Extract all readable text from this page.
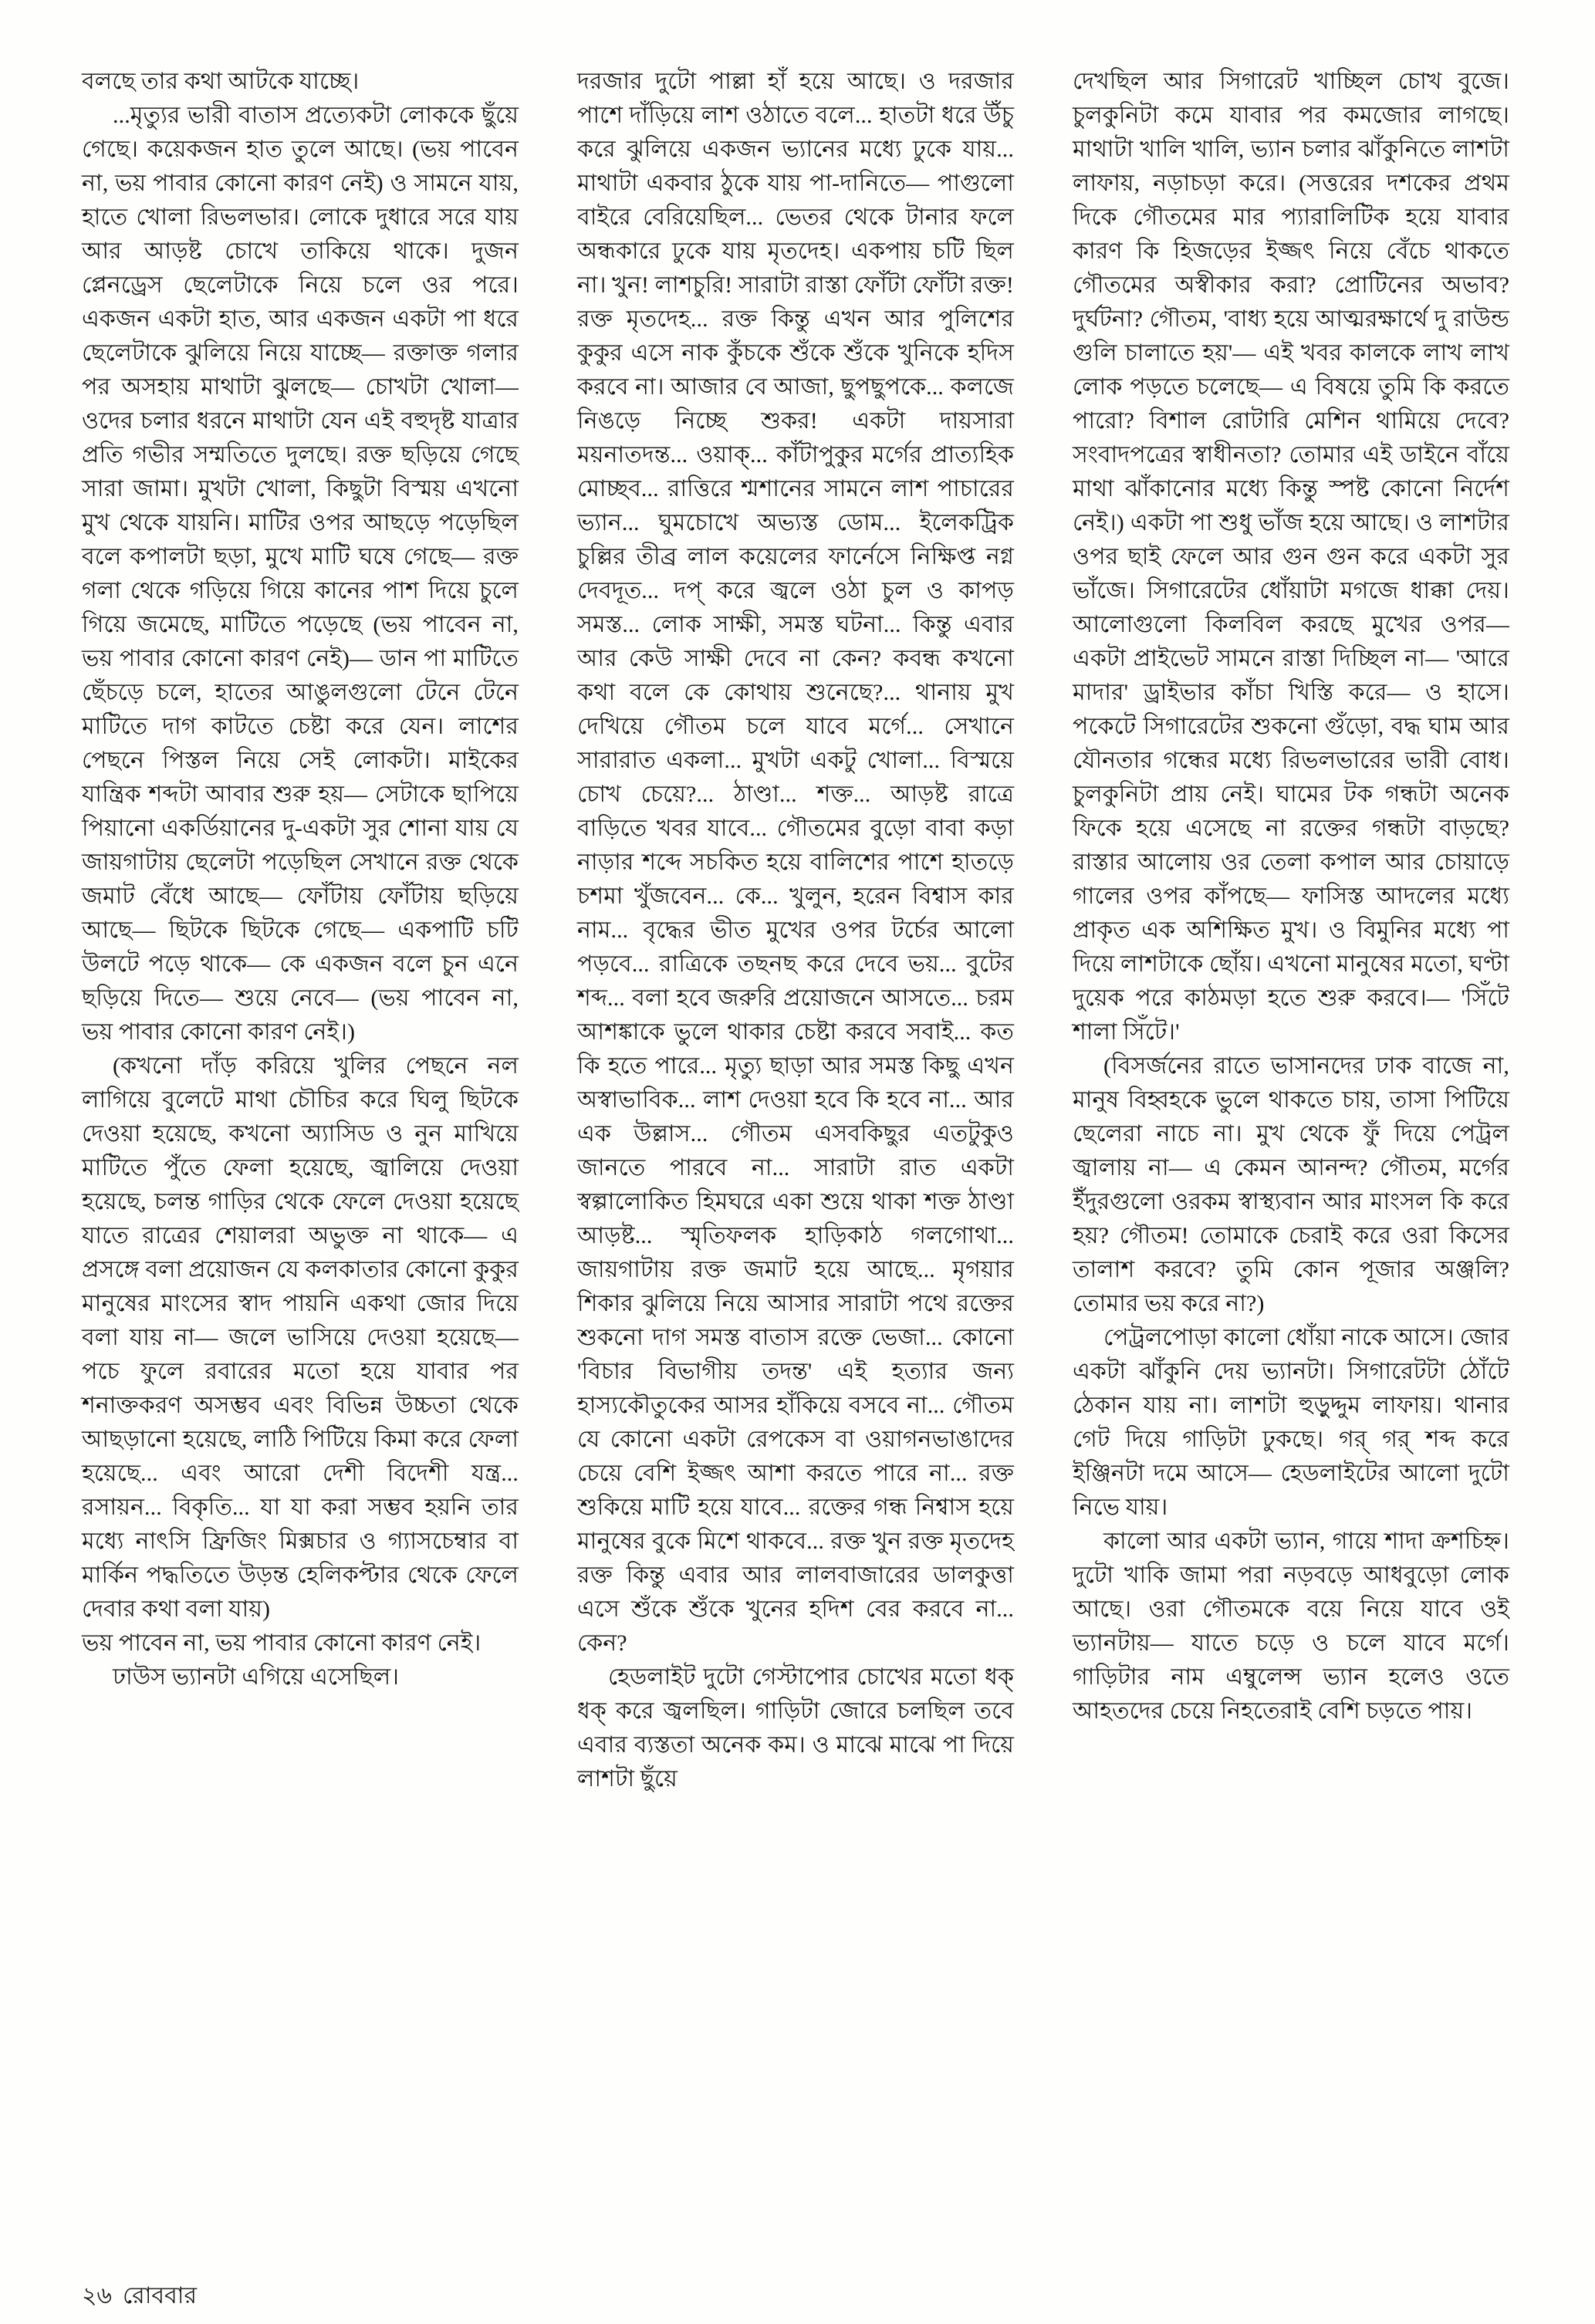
বলছে তার কথা আটকে যাচ্ছে।

...মৃত্যুর ভারী বাতাস প্রত্যেকটা লোককে ছুঁয়ে গেছে। কয়েকজন হাত তুলে আছে। (ভয় পাবেন না, ভয় পাবার কোনো কারণ নেই) ও সামনে যায়, হাতে খোলা রিভলভার। লোকে দুধারে সরে যায় আর আড়ষ্ট চোখে তাকিয়ে থাকে। দুজন প্লেনড্রেস ছেলেটাকে নিয়ে চলে ওর পরে। একজন একটা হাত, আর একজন একটা পা ধরে ছেলেটাকে ঝুলিয়ে নিয়ে যাচ্ছে— রক্তাক্ত গলার পর অসহায় মাথাটা ঝুলছে— চোখটা খোলা— ওদের চলার ধরনে মাথাটা যেন এই বহুদৃষ্ট যাত্রার প্রতি গভীর সম্মতিতে দুলছে। রক্ত ছড়িয়ে গেছে সারা জামা। মুখটা খোলা, কিছুটা বিস্ময় এখনো মুখ থেকে যায়নি। মাটির ওপর আছড়ে পড়েছিল বলে কপালটা ছড়া, মুখে মাটি ঘষে গেছে— রক্ত গলা থেকে গড়িয়ে গিয়ে কানের পাশ দিয়ে চুলে গিয়ে জমেছে, মাটিতে পড়েছে (ভয় পাবেন না, ভয় পাবার কোনো কারণ নেই)— ডান পা মাটিতে ছেঁচড়ে চলে, হাতের আঙুলগুলো টেনে টেনে মাটিতে দাগ কাটতে চেষ্টা করে যেন। লাশের পেছনে পিস্তল নিয়ে সেই লোকটা। মাইকের যান্ত্রিক শব্দটা আবার শুরু হয়— সেটাকে ছাপিয়ে পিয়ানো একর্ডিয়ানের দু-একটা সুর শোনা যায় যে জায়গাটায় ছেলেটা পড়েছিল সেখানে রক্ত থেকে জমাট বেঁধে আছে— ফোঁটায় ফোঁটায় ছড়িয়ে আছে— ছিটকে ছিটকে গেছে— একপাটি চটি উলটে পড়ে থাকে— কে একজন বলে চুন এনে ছড়িয়ে দিতে— শুয়ে নেবে— (ভয় পাবেন না, ভয় পাবার কোনো কারণ নেই।)

(কখনো দাঁড় করিয়ে খুলির পেছনে নল লাগিয়ে বুলেটে মাথা চৌচির করে ঘিলু ছিটকে দেওয়া হয়েছে, কখনো অ্যাসিড ও নুন মাখিয়ে মাটিতে পুঁতে ফেলা হয়েছে, জ্বালিয়ে দেওয়া হয়েছে, চলন্ত গাড়ির থেকে ফেলে দেওয়া হয়েছে যাতে রাত্রের শেয়ালরা অভুক্ত না থাকে— এ প্রসঙ্গে বলা প্রয়োজন যে কলকাতার কোনো কুকুর মানুষের মাংসের স্বাদ পায়নি একথা জোর দিয়ে বলা যায় না— জলে ভাসিয়ে দেওয়া হয়েছে— পচে ফুলে রবারের মতো হয়ে যাবার পর শনাক্তকরণ অসম্ভব এবং বিভিন্ন উচ্চতা থেকে আছড়ানো হয়েছে, লাঠি পিটিয়ে কিমা করে ফেলা হয়েছে... এবং আরো দেশী বিদেশী যন্ত্র... রসায়ন... বিকৃতি... যা যা করা সম্ভব হয়নি তার মধ্যে নাৎসি ফ্রিজিং মিক্সচার ও গ্যাসচেম্বার বা মার্কিন পদ্ধতিতে উড়ন্ত হেলিকপ্টার থেকে ফেলে দেবার কথা বলা যায়)

ভয় পাবেন না, ভয় পাবার কোনো কারণ নেই।

ঢাউস ভ্যানটা এগিয়ে এসেছিল।

দরজার দুটো পাল্লা হাঁ হয়ে আছে। ও দরজার পাশে দাঁড়িয়ে লাশ ওঠাতে বলে... হাতটা ধরে উঁচু করে ঝুলিয়ে একজন ভ্যানের মধ্যে ঢুকে যায়... মাথাটা একবার ঠুকে যায় পা-দানিতে— পাগুলো বাইরে বেরিয়েছিল... ভেতর থেকে টানার ফলে অন্ধকারে ঢুকে যায় মৃতদেহ। একপায় চটি ছিল না। খুন! লাশচুরি! সারাটা রাস্তা ফোঁটা ফোঁটা রক্ত! রক্ত মৃতদেহ... রক্ত কিন্তু এখন আর পুলিশের কুকুর এসে নাক কুঁচকে শুঁকে শুঁকে খুনিকে হদিস করবে না। আজার বে আজা, ছুপছুপকে... কলজে নিঙড়ে নিচ্ছে শুকর! একটা দায়সারা ময়নাতদন্ত... ওয়াক্... কাঁটাপুকুর মর্গের প্রাত্যহিক মোচ্ছব... রাত্তিরে শ্মশানের সামনে লাশ পাচারের ভ্যান... ঘুমচোখে অভ্যস্ত ডোম... ইলেকট্রিক চুল্লির তীব্র লাল কয়েলের ফার্নেসে নিক্ষিপ্ত নগ্ন দেবদূত... দপ্ করে জ্বলে ওঠা চুল ও কাপড় সমস্ত... লোক সাক্ষী, সমস্ত ঘটনা... কিন্তু এবার আর কেউ সাক্ষী দেবে না কেন? কবন্ধ কখনো কথা বলে কে কোথায় শুনেছে?... থানায় মুখ দেখিয়ে গৌতম চলে যাবে মর্গে... সেখানে সারারাত একলা... মুখটা একটু খোলা... বিস্ময়ে চোখ চেয়ে?... ঠাণ্ডা... শক্ত... আড়ষ্ট রাত্রে বাড়িতে খবর যাবে... গৌতমের বুড়ো বাবা কড়া নাড়ার শব্দে সচকিত হয়ে বালিশের পাশে হাতড়ে চশমা খুঁজবেন... কে... খুলুন, হরেন বিশ্বাস কার নাম... বৃদ্ধের ভীত মুখের ওপর টর্চের আলো পড়বে... রাত্রিকে তছনছ করে দেবে ভয়... বুটের শব্দ... বলা হবে জরুরি প্রয়োজনে আসতে... চরম আশঙ্কাকে ভুলে থাকার চেষ্টা করবে সবাই... কত কি হতে পারে... মৃত্যু ছাড়া আর সমস্ত কিছু এখন অস্বাভাবিক... লাশ দেওয়া হবে কি হবে না... আর এক উল্লাস... গৌতম এসবকিছুর এতটুকুও জানতে পারবে না... সারাটা রাত একটা স্বল্পালোকিত হিমঘরে একা শুয়ে থাকা শক্ত ঠাণ্ডা আড়ষ্ট... স্মৃতিফলক হাড়িকাঠ গলগোথা... জায়গাটায় রক্ত জমাট হয়ে আছে... মৃগয়ার শিকার ঝুলিয়ে নিয়ে আসার সারাটা পথে রক্তের শুকনো দাগ সমস্ত বাতাস রক্তে ভেজা... কোনো 'বিচার বিভাগীয় তদন্ত' এই হত্যার জন্য হাস্যকৌতুকের আসর হাঁকিয়ে বসবে না... গৌতম যে কোনো একটা রেপকেস বা ওয়াগনভাঙাদের চেয়ে বেশি ইজ্জৎ আশা করতে পারে না... রক্ত শুকিয়ে মাটি হয়ে যাবে... রক্তের গন্ধ নিশ্বাস হয়ে মানুষের বুকে মিশে থাকবে... রক্ত খুন রক্ত মৃতদেহ রক্ত কিন্তু এবার আর লালবাজারের ডালকুত্তা এসে শুঁকে শুঁকে খুনের হদিশ বের করবে না... কেন?

হেডলাইট দুটো গেস্টাপোর চোখের মতো ধক্ ধক্ করে জ্বলছিল। গাড়িটা জোরে চলছিল তবে এবার ব্যস্ততা অনেক কম। ও মাঝে মাঝে পা দিয়ে লাশটা ছুঁয়ে

দেখছিল আর সিগারেট খাচ্ছিল চোখ বুজে। চুলকুনিটা কমে যাবার পর কমজোর লাগছে। মাথাটা খালি খালি, ভ্যান চলার ঝাঁকুনিতে লাশটা লাফায়, নড়াচড়া করে। (সত্তরের দশকের প্রথম দিকে গৌতমের মার প্যারালিটিক হয়ে যাবার কারণ কি হিজড়ের ইজ্জৎ নিয়ে বেঁচে থাকতে গৌতমের অস্বীকার করা? প্রোটিনের অভাব? দুর্ঘটনা? গৌতম, 'বাধ্য হয়ে আত্মরক্ষার্থে দু রাউন্ড গুলি চালাতে হয়'— এই খবর কালকে লাখ লাখ লোক পড়তে চলেছে— এ বিষয়ে তুমি কি করতে পারো? বিশাল রোটারি মেশিন থামিয়ে দেবে? সংবাদপত্রের স্বাধীনতা? তোমার এই ডাইনে বাঁয়ে মাথা ঝাঁকানোর মধ্যে কিন্তু স্পষ্ট কোনো নির্দেশ নেই।) একটা পা শুধু ভাঁজ হয়ে আছে। ও লাশটার ওপর ছাই ফেলে আর গুন গুন করে একটা সুর ভাঁজে। সিগারেটের ধোঁয়াটা মগজে ধাক্কা দেয়। আলোগুলো কিলবিল করছে মুখের ওপর— একটা প্রাইভেট সামনে রাস্তা দিচ্ছিল না— 'আরে মাদার' ড্রাইভার কাঁচা খিস্তি করে— ও হাসে। পকেটে সিগারেটের শুকনো গুঁড়ো, বদ্ধ ঘাম আর যৌনতার গন্ধের মধ্যে রিভলভারের ভারী বোধ। চুলকুনিটা প্রায় নেই। ঘামের টক গন্ধটা অনেক ফিকে হয়ে এসেছে না রক্তের গন্ধটা বাড়ছে? রাস্তার আলোয় ওর তেলা কপাল আর চোয়াড়ে গালের ওপর কাঁপছে— ফাসিস্ত আদলের মধ্যে প্রাকৃত এক অশিক্ষিত মুখ। ও বিমুনির মধ্যে পা দিয়ে লাশটাকে ছোঁয়। এখনো মানুষের মতো, ঘণ্টা দুয়েক পরে কাঠমড়া হতে শুরু করবে।— 'সিঁটে শালা সিঁটে।'

(বিসর্জনের রাতে ভাসানদের ঢাক বাজে না, মানুষ বিহ্বহকে ভুলে থাকতে চায়, তাসা পিটিয়ে ছেলেরা নাচে না। মুখ থেকে ফুঁ দিয়ে পেট্রল জ্বালায় না— এ কেমন আনন্দ? গৌতম, মর্গের ইঁদুরগুলো ওরকম স্বাস্থ্যবান আর মাংসল কি করে হয়? গৌতম! তোমাকে চেরাই করে ওরা কিসের তালাশ করবে? তুমি কোন পূজার অঞ্জলি? তোমার ভয় করে না?)

পেট্রলপোড়া কালো ধোঁয়া নাকে আসে। জোর একটা ঝাঁকুনি দেয় ভ্যানটা। সিগারেটটা ঠোঁটে ঠেকান যায় না। লাশটা হুড়ুদ্দুম লাফায়। থানার গেট দিয়ে গাড়িটা ঢুকছে। গর্ গর্ শব্দ করে ইঞ্জিনটা দমে আসে— হেডলাইটের আলো দুটো নিভে যায়।

কালো আর একটা ভ্যান, গায়ে শাদা ক্রশচিহ্ন। দুটো খাকি জামা পরা নড়বড়ে আধবুড়ো লোক আছে। ওরা গৌতমকে বয়ে নিয়ে যাবে ওই ভ্যানটায়— যাতে চড়ে ও চলে যাবে মর্গে। গাড়িটার নাম এম্বুলেন্স ভ্যান হলেও ওতে আহতদের চেয়ে নিহতেরাই বেশি চড়তে পায়।

২৬ রোববার
